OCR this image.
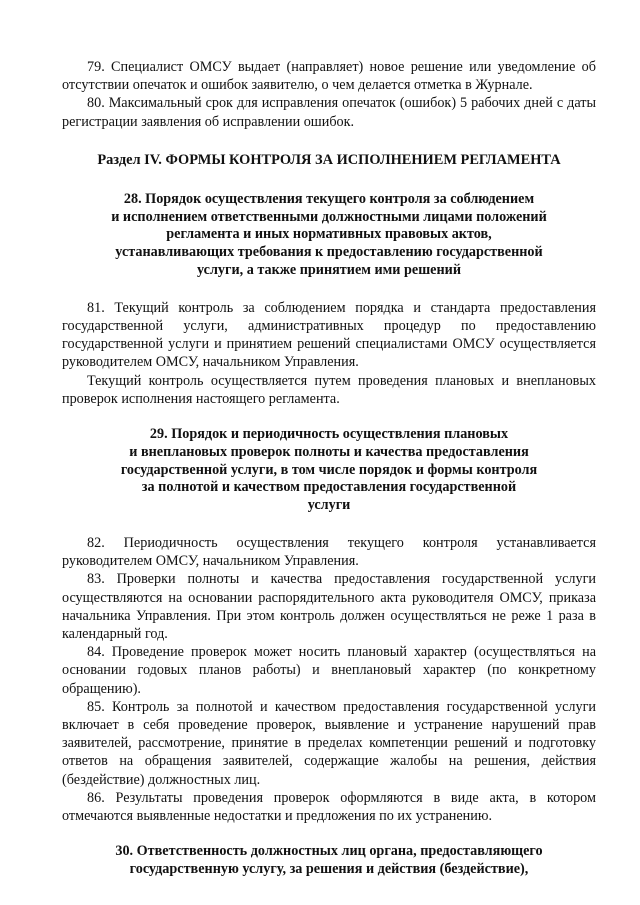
79. Специалист ОМСУ выдает (направляет) новое решение или уведомление об отсутствии опечаток и ошибок заявителю, о чем делается отметка в Журнале.

80. Максимальный срок для исправления опечаток (ошибок) 5 рабочих дней с даты регистрации заявления об исправлении ошибок.

Раздел IV. ФОРМЫ КОНТРОЛЯ ЗА ИСПОЛНЕНИЕМ РЕГЛАМЕНТА

28. Порядок осуществления текущего контроля за соблюдением
и исполнением ответственными должностными лицами положений
регламента и иных нормативных правовых актов,
устанавливающих требования к предоставлению государственной
услуги, а также принятием ими решений

81. Текущий контроль за соблюдением порядка и стандарта предоставления государственной услуги, административных процедур по предоставлению государственной услуги и принятием решений специалистами ОМСУ осуществляется руководителем ОМСУ, начальником Управления.

Текущий контроль осуществляется путем проведения плановых и внеплановых проверок исполнения настоящего регламента.

29. Порядок и периодичность осуществления плановых
и внеплановых проверок полноты и качества предоставления
государственной услуги, в том числе порядок и формы контроля
за полнотой и качеством предоставления государственной
услуги

82. Периодичность осуществления текущего контроля устанавливается руководителем ОМСУ, начальником Управления.

83. Проверки полноты и качества предоставления государственной услуги осуществляются на основании распорядительного акта руководителя ОМСУ, приказа начальника Управления. При этом контроль должен осуществляться не реже 1 раза в календарный год.

84. Проведение проверок может носить плановый характер (осуществляться на основании годовых планов работы) и внеплановый характер (по конкретному обращению).

85. Контроль за полнотой и качеством предоставления государственной услуги включает в себя проведение проверок, выявление и устранение нарушений прав заявителей, рассмотрение, принятие в пределах компетенции решений и подготовку ответов на обращения заявителей, содержащие жалобы на решения, действия (бездействие) должностных лиц.

86. Результаты проведения проверок оформляются в виде акта, в котором отмечаются выявленные недостатки и предложения по их устранению.

30. Ответственность должностных лиц органа, предоставляющего
государственную услугу, за решения и действия (бездействие),
